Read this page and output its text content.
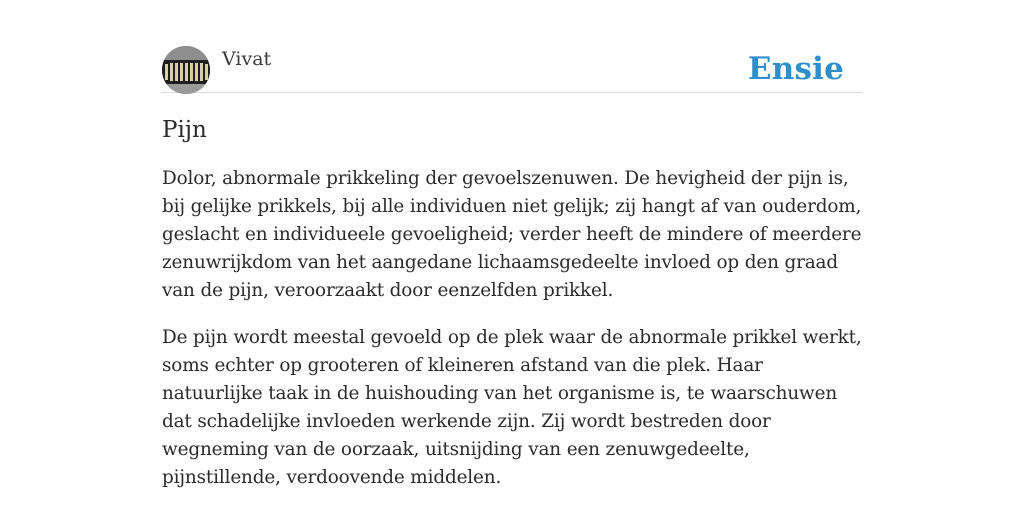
Vivat	Ensie
Pijn

Dolor, abnormale prikkeling der gevoelszenuwen. De hevigheid der pijn is, bij gelijke prikkels, bij alle individuen niet gelijk; zij hangt af van ouderdom, geslacht en individueele gevoeligheid; verder heeft de mindere of meerdere zenuwrijkdom van het aangedane lichaamsgedeelte invloed op den graad van de pijn, veroorzaakt door eenzelfden prikkel.

De pijn wordt meestal gevoeld op de plek waar de abnormale prikkel werkt, soms echter op grooteren of kleineren afstand van die plek. Haar natuurlijke taak in de huishouding van het organisme is, te waarschuwen dat schadelijke invloeden werkende zijn. Zij wordt bestreden door wegneming van de oorzaak, uitsnijding van een zenuwgedeelte, pijnstillende, verdoovende middelen.
